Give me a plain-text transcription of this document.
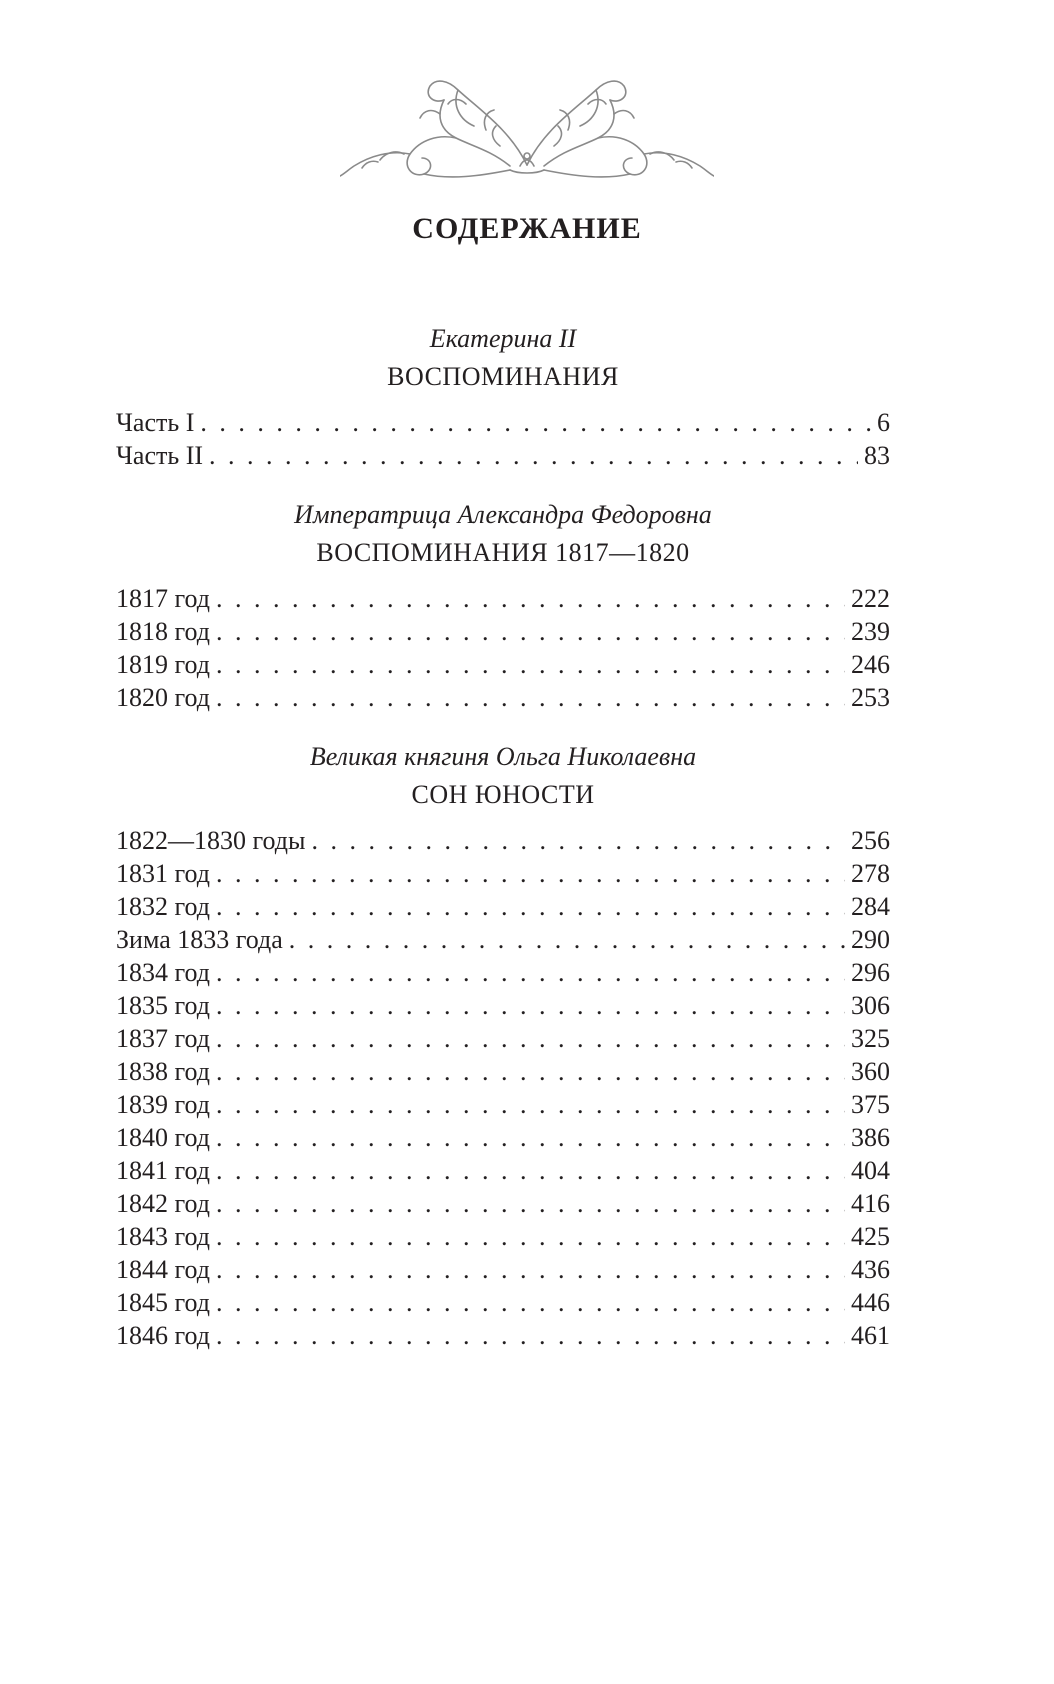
СОДЕРЖАНИЕ
Екатерина II
ВОСПОМИНАНИЯ
Часть I . . .	6
Часть II . . .	83
Императрица Александра Федоровна
ВОСПОМИНАНИЯ 1817—1820
1817 год . . .	222
1818 год . . .	239
1819 год . . .	246
1820 год . . .	253
Великая княгиня Ольга Николаевна
СОН ЮНОСТИ
1822—1830 годы . . .	256
1831 год . . .	278
1832 год . . .	284
Зима 1833 года . . .	290
1834 год . . .	296
1835 год . . .	306
1837 год . . .	325
1838 год . . .	360
1839 год . . .	375
1840 год . . .	386
1841 год . . .	404
1842 год . . .	416
1843 год . . .	425
1844 год . . .	436
1845 год . . .	446
1846 год . . .	461
